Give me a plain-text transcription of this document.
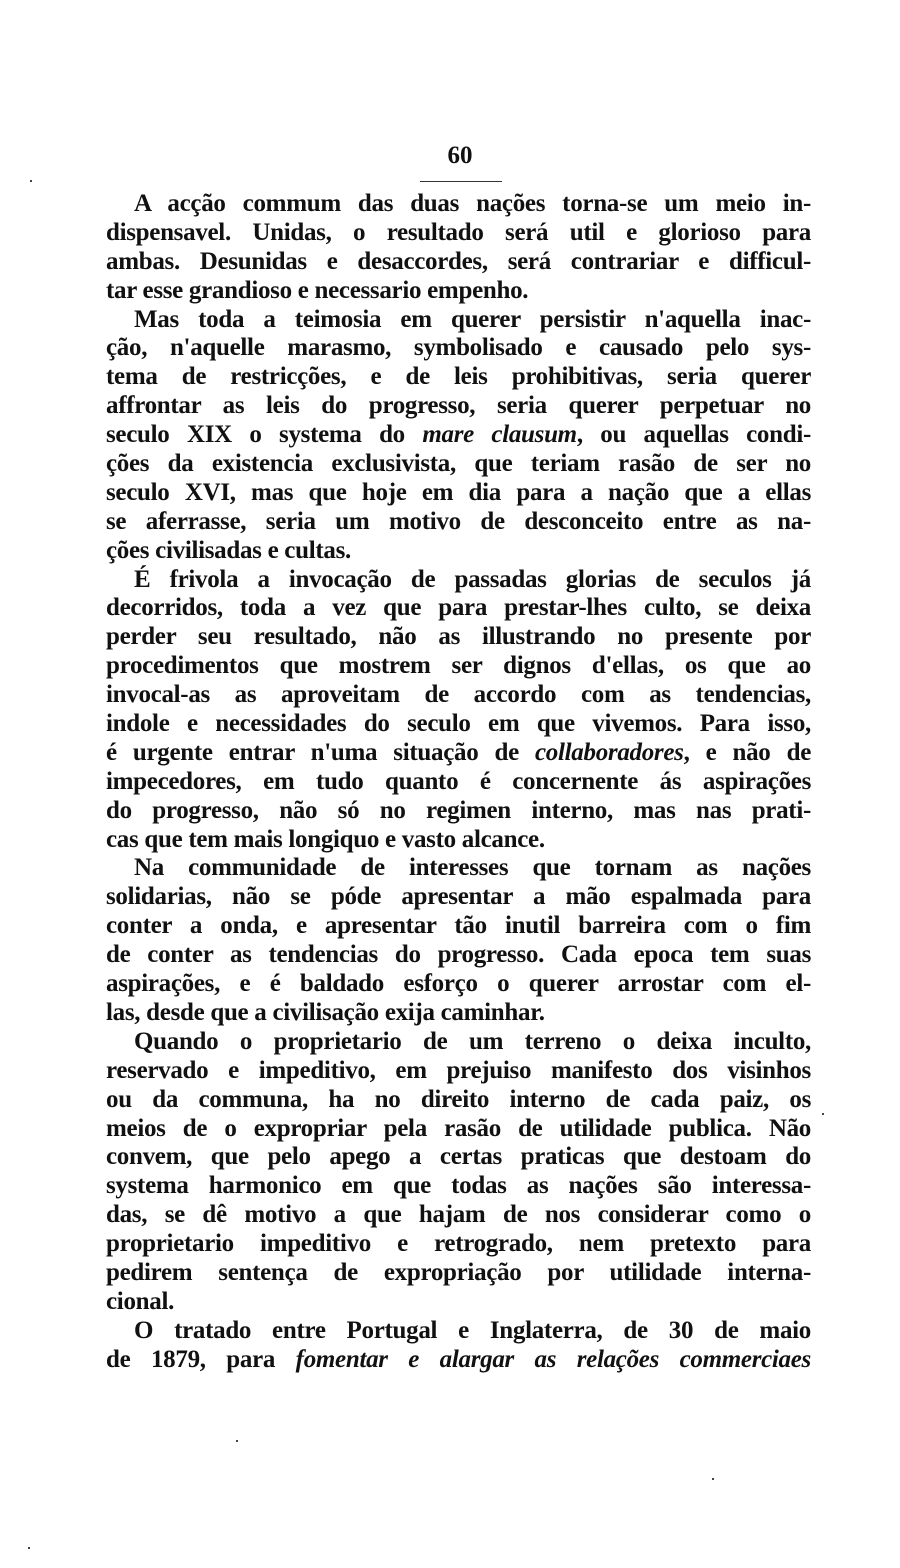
60
A acção commum das duas nações torna-se um meio in-
dispensavel. Unidas, o resultado será util e glorioso para
ambas. Desunidas e desaccordes, será contrariar e difficul-
tar esse grandioso e necessario empenho.
Mas toda a teimosia em querer persistir n'aquella inac-
ção, n'aquelle marasmo, symbolisado e causado pelo sys-
tema de restricções, e de leis prohibitivas, seria querer
affrontar as leis do progresso, seria querer perpetuar no
seculo XIX o systema do mare clausum, ou aquellas condi-
ções da existencia exclusivista, que teriam rasão de ser no
seculo XVI, mas que hoje em dia para a nação que a ellas
se aferrasse, seria um motivo de desconceito entre as na-
ções civilisadas e cultas.
É frivola a invocação de passadas glorias de seculos já
decorridos, toda a vez que para prestar-lhes culto, se deixa
perder seu resultado, não as illustrando no presente por
procedimentos que mostrem ser dignos d'ellas, os que ao
invocal-as as aproveitam de accordo com as tendencias,
indole e necessidades do seculo em que vivemos. Para isso,
é urgente entrar n'uma situação de collaboradores, e não de
impecedores, em tudo quanto é concernente ás aspirações
do progresso, não só no regimen interno, mas nas prati-
cas que tem mais longiquo e vasto alcance.
Na communidade de interesses que tornam as nações
solidarias, não se póde apresentar a mão espalmada para
conter a onda, e apresentar tão inutil barreira com o fim
de conter as tendencias do progresso. Cada epoca tem suas
aspirações, e é baldado esforço o querer arrostar com el-
las, desde que a civilisação exija caminhar.
Quando o proprietario de um terreno o deixa inculto,
reservado e impeditivo, em prejuiso manifesto dos visinhos
ou da communa, ha no direito interno de cada paiz, os
meios de o expropriar pela rasão de utilidade publica. Não
convem, que pelo apego a certas praticas que destoam do
systema harmonico em que todas as nações são interessa-
das, se dê motivo a que hajam de nos considerar como o
proprietario impeditivo e retrogrado, nem pretexto para
pedirem sentença de expropriação por utilidade interna-
cional.
O tratado entre Portugal e Inglaterra, de 30 de maio
de 1879, para fomentar e alargar as relações commerciaes
